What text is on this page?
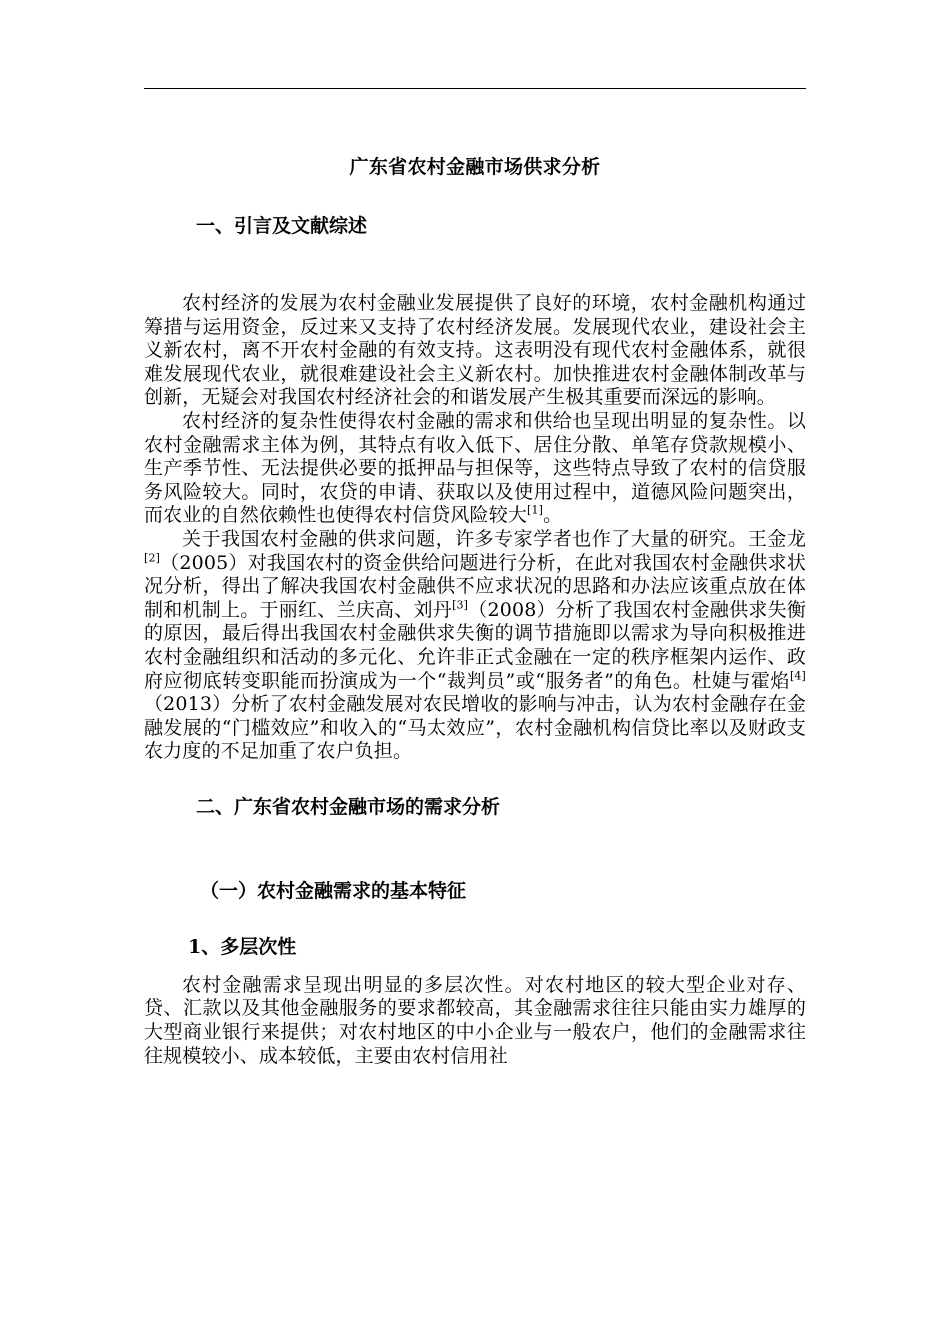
广东省农村金融市场供求分析
一、引言及文献综述

农村经济的发展为农村金融业发展提供了良好的环境，农村金融机构通过筹措与运用资金，反过来又支持了农村经济发展。发展现代农业，建设社会主义新农村，离不开农村金融的有效支持。这表明没有现代农村金融体系，就很难发展现代农业，就很难建设社会主义新农村。加快推进农村金融体制改革与创新，无疑会对我国农村经济社会的和谐发展产生极其重要而深远的影响。

农村经济的复杂性使得农村金融的需求和供给也呈现出明显的复杂性。以农村金融需求主体为例，其特点有收入低下、居住分散、单笔存贷款规模小、生产季节性、无法提供必要的抵押品与担保等，这些特点导致了农村的信贷服务风险较大。同时，农贷的申请、获取以及使用过程中，道德风险问题突出，而农业的自然依赖性也使得农村信贷风险较大[1]。

关于我国农村金融的供求问题，许多专家学者也作了大量的研究。王金龙[2]（2005）对我国农村的资金供给问题进行分析，在此对我国农村金融供求状况分析，得出了解决我国农村金融供不应求状况的思路和办法应该重点放在体制和机制上。于丽红、兰庆高、刘丹[3]（2008）分析了我国农村金融供求失衡的原因，最后得出我国农村金融供求失衡的调节措施即以需求为导向积极推进农村金融组织和活动的多元化、允许非正式金融在一定的秩序框架内运作、政府应彻底转变职能而扮演成为一个“裁判员”或“服务者”的角色。杜婕与霍焰[4]（2013）分析了农村金融发展对农民增收的影响与冲击，认为农村金融存在金融发展的“门槛效应”和收入的“马太效应”，农村金融机构信贷比率以及财政支农力度的不足加重了农户负担。

二、广东省农村金融市场的需求分析
（一）农村金融需求的基本特征
1、多层次性

农村金融需求呈现出明显的多层次性。对农村地区的较大型企业对存、贷、汇款以及其他金融服务的要求都较高，其金融需求往往只能由实力雄厚的大型商业银行来提供；对农村地区的中小企业与一般农户，他们的金融需求往往规模较小、成本较低，主要由农村信用社
